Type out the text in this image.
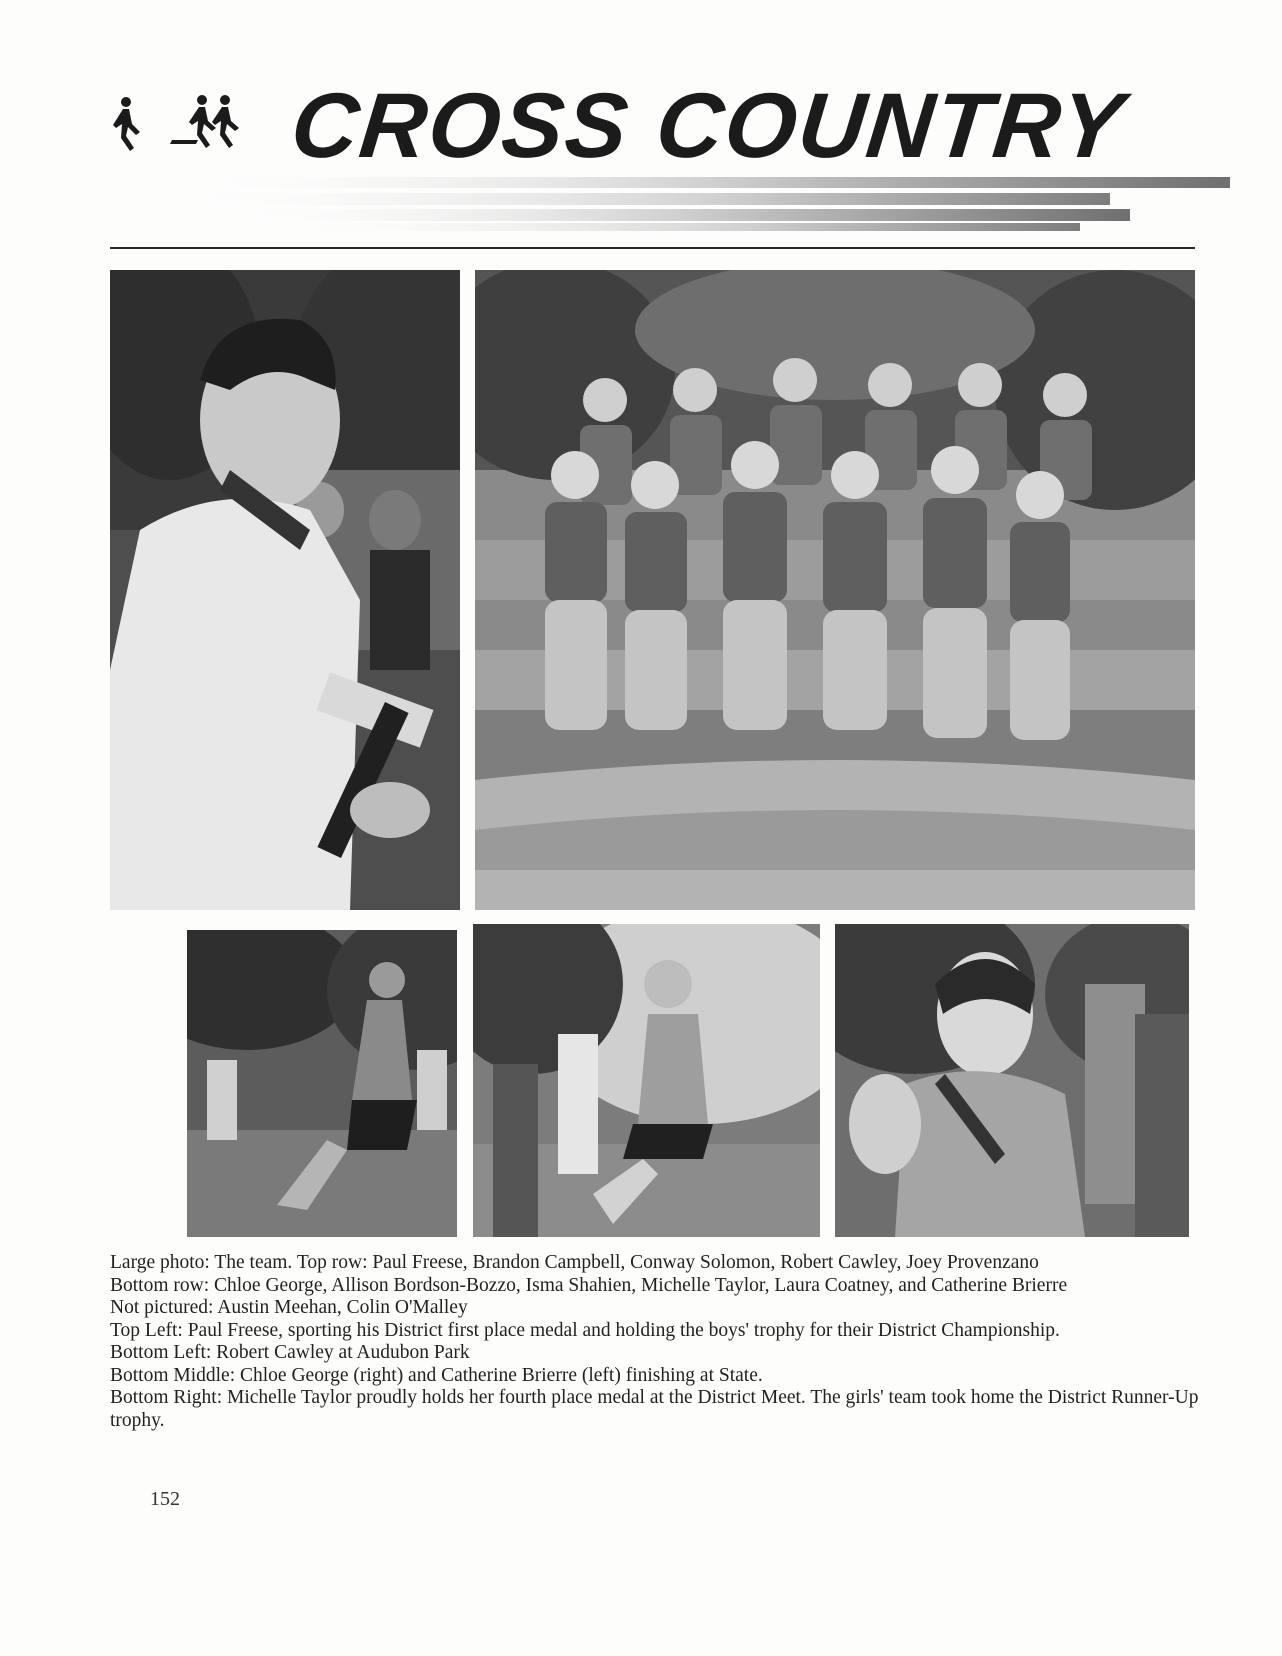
CROSS COUNTRY

Large photo: The team. Top row: Paul Freese, Brandon Campbell, Conway Solomon, Robert Cawley, Joey Provenzano

Bottom row: Chloe George, Allison Bordson-Bozzo, Isma Shahien, Michelle Taylor, Laura Coatney, and Catherine Brierre

Not pictured: Austin Meehan, Colin O'Malley

Top Left: Paul Freese, sporting his District first place medal and holding the boys' trophy for their District Championship.

Bottom Left: Robert Cawley at Audubon Park

Bottom Middle: Chloe George (right) and Catherine Brierre (left) finishing at State.

Bottom Right: Michelle Taylor proudly holds her fourth place medal at the District Meet. The girls' team took home the District Runner-Up trophy.

152
